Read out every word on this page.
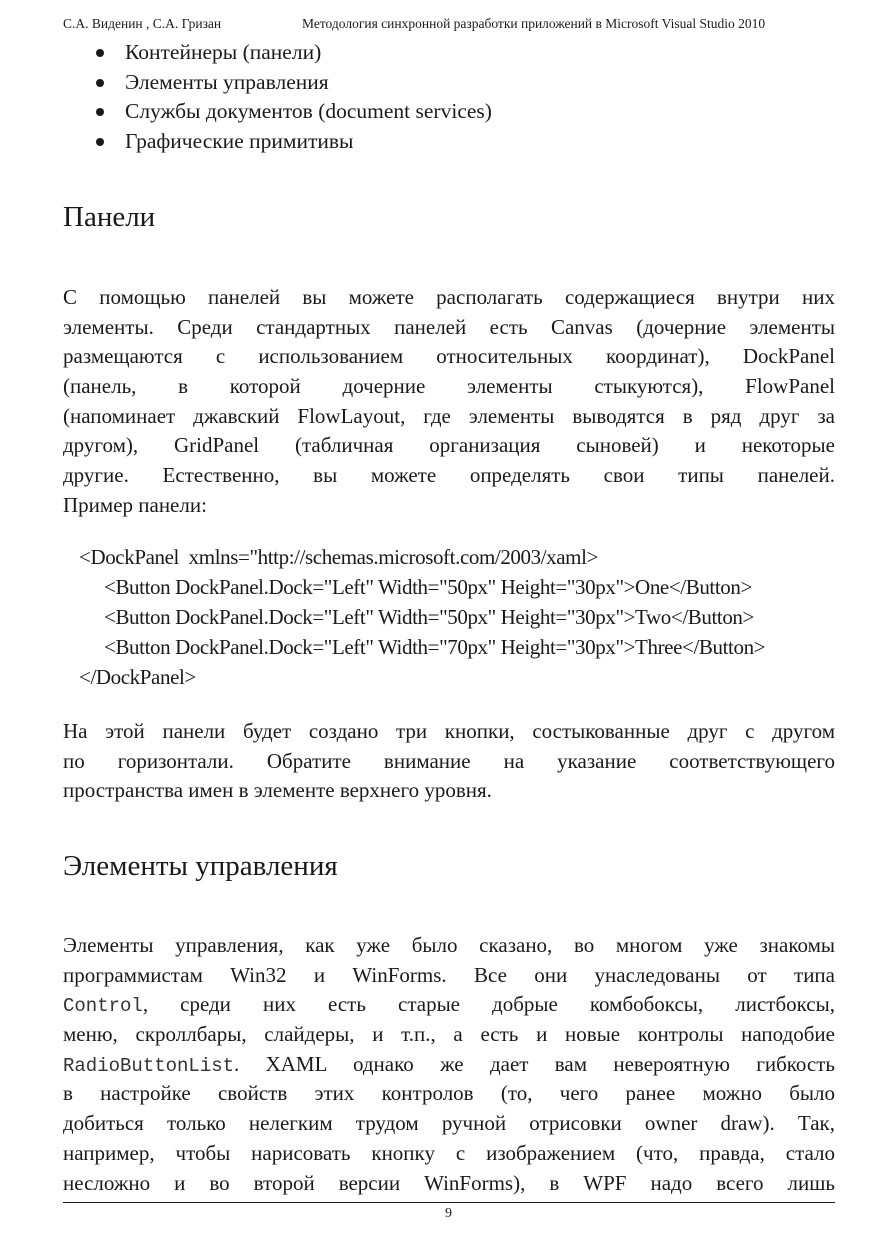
С.А. Виденин , С.А. Гризан	Методология синхронной разработки приложений в Microsoft Visual Studio 2010
Контейнеры (панели)
Элементы управления
Службы документов (document services)
Графические примитивы
Панели
С помощью панелей вы можете располагать содержащиеся внутри них
элементы. Среди стандартных панелей есть Canvas (дочерние элементы
размещаются с использованием относительных координат), DockPanel
(панель, в которой дочерние элементы стыкуются), FlowPanel
(напоминает джавский FlowLayout, где элементы выводятся в ряд друг за
другом), GridPanel (табличная организация сыновей) и некоторые
другие. Естественно, вы можете определять свои типы панелей.
Пример панели:
<DockPanel  xmlns="http://schemas.microsoft.com/2003/xaml>
<Button DockPanel.Dock="Left" Width="50px" Height="30px">One</Button>
<Button DockPanel.Dock="Left" Width="50px" Height="30px">Two</Button>
<Button DockPanel.Dock="Left" Width="70px" Height="30px">Three</Button>
</DockPanel>
На этой панели будет создано три кнопки, состыкованные друг с другом
по горизонтали. Обратите внимание на указание соответствующего
пространства имен в элементе верхнего уровня.
Элементы управления
Элементы управления, как уже было сказано, во многом уже знакомы
программистам Win32 и WinForms. Все они унаследованы от типа
Control, среди них есть старые добрые комбобоксы, листбоксы,
меню, скроллбары, слайдеры, и т.п., а есть и новые контролы наподобие
RadioButtonList. XAML однако же дает вам невероятную гибкость
в настройке свойств этих контролов (то, чего ранее можно было
добиться только нелегким трудом ручной отрисовки owner draw). Так,
например, чтобы нарисовать кнопку с изображением (что, правда, стало
несложно и во второй версии WinForms), в WPF надо всего лишь
9
